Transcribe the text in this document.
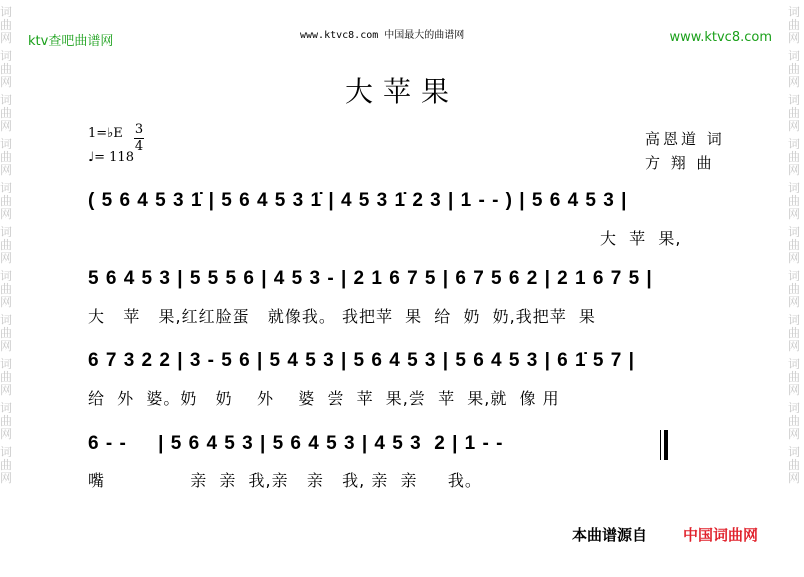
词曲网
词曲网
词曲网
词曲网
词曲网
词曲网
词曲网
词曲网
词曲网
词曲网
词曲网
词曲网
词曲网
词曲网
词曲网
词曲网
词曲网
词曲网
词曲网
词曲网
词曲网
词曲网
ktv查吧曲谱网	www.ktvc8.com 中国最大的曲谱网	www.ktvc8.com
大苹果
1=♭E 3
4
♩= 118
高恩道 词
方 翔 曲
( 5 6 4 5 3 1̇ | 5 6 4 5 3 1̇ | 4 5 3 1̇ 2 3 | 1 - - ) | 5 6 4 5 3 |
大  苹  果,
5 6 4 5 3 | 5 5 5 6 | 4 5 3 - | 2 1 6 7 5 | 6 7 5 6 2 | 2 1 6 7 5 |
大   苹   果,红红脸蛋   就像我。 我把苹  果  给  奶  奶,我把苹  果
6 7 3 2 2 | 3 - 5 6 | 5 4 5 3 | 5 6 4 5 3 | 5 6 4 5 3 | 6 1̇ 5 7 |
给  外  婆。奶   奶    外    婆  尝  苹  果,尝  苹  果,就  像 用
6 - -     | 5 6 4 5 3 | 5 6 4 5 3 | 4 5 3  2 | 1 - -
嘴              亲  亲  我,亲   亲   我, 亲  亲     我。
本曲谱源自 中国词曲网
